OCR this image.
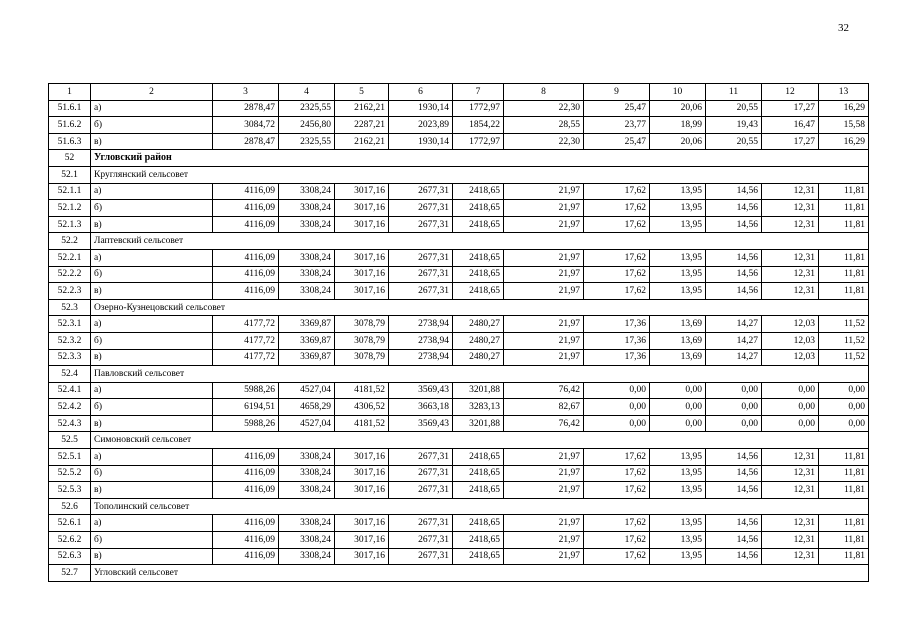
32
1	2	3	4	5	6	7	8	9	10	11	12	13
51.6.1	а)	2878,47	2325,55	2162,21	1930,14	1772,97	22,30	25,47	20,06	20,55	17,27	16,29
51.6.2	б)	3084,72	2456,80	2287,21	2023,89	1854,22	28,55	23,77	18,99	19,43	16,47	15,58
51.6.3	в)	2878,47	2325,55	2162,21	1930,14	1772,97	22,30	25,47	20,06	20,55	17,27	16,29
52	Угловский район											
52.1	Круглянский сельсовет											
52.1.1	а)	4116,09	3308,24	3017,16	2677,31	2418,65	21,97	17,62	13,95	14,56	12,31	11,81
52.1.2	б)	4116,09	3308,24	3017,16	2677,31	2418,65	21,97	17,62	13,95	14,56	12,31	11,81
52.1.3	в)	4116,09	3308,24	3017,16	2677,31	2418,65	21,97	17,62	13,95	14,56	12,31	11,81
52.2	Лаптевский сельсовет											
52.2.1	а)	4116,09	3308,24	3017,16	2677,31	2418,65	21,97	17,62	13,95	14,56	12,31	11,81
52.2.2	б)	4116,09	3308,24	3017,16	2677,31	2418,65	21,97	17,62	13,95	14,56	12,31	11,81
52.2.3	в)	4116,09	3308,24	3017,16	2677,31	2418,65	21,97	17,62	13,95	14,56	12,31	11,81
52.3	Озерно-Кузнецовский сельсовет											
52.3.1	а)	4177,72	3369,87	3078,79	2738,94	2480,27	21,97	17,36	13,69	14,27	12,03	11,52
52.3.2	б)	4177,72	3369,87	3078,79	2738,94	2480,27	21,97	17,36	13,69	14,27	12,03	11,52
52.3.3	в)	4177,72	3369,87	3078,79	2738,94	2480,27	21,97	17,36	13,69	14,27	12,03	11,52
52.4	Павловский сельсовет											
52.4.1	а)	5988,26	4527,04	4181,52	3569,43	3201,88	76,42	0,00	0,00	0,00	0,00	0,00
52.4.2	б)	6194,51	4658,29	4306,52	3663,18	3283,13	82,67	0,00	0,00	0,00	0,00	0,00
52.4.3	в)	5988,26	4527,04	4181,52	3569,43	3201,88	76,42	0,00	0,00	0,00	0,00	0,00
52.5	Симоновский сельсовет											
52.5.1	а)	4116,09	3308,24	3017,16	2677,31	2418,65	21,97	17,62	13,95	14,56	12,31	11,81
52.5.2	б)	4116,09	3308,24	3017,16	2677,31	2418,65	21,97	17,62	13,95	14,56	12,31	11,81
52.5.3	в)	4116,09	3308,24	3017,16	2677,31	2418,65	21,97	17,62	13,95	14,56	12,31	11,81
52.6	Тополинский сельсовет											
52.6.1	а)	4116,09	3308,24	3017,16	2677,31	2418,65	21,97	17,62	13,95	14,56	12,31	11,81
52.6.2	б)	4116,09	3308,24	3017,16	2677,31	2418,65	21,97	17,62	13,95	14,56	12,31	11,81
52.6.3	в)	4116,09	3308,24	3017,16	2677,31	2418,65	21,97	17,62	13,95	14,56	12,31	11,81
52.7	Угловский сельсовет											
